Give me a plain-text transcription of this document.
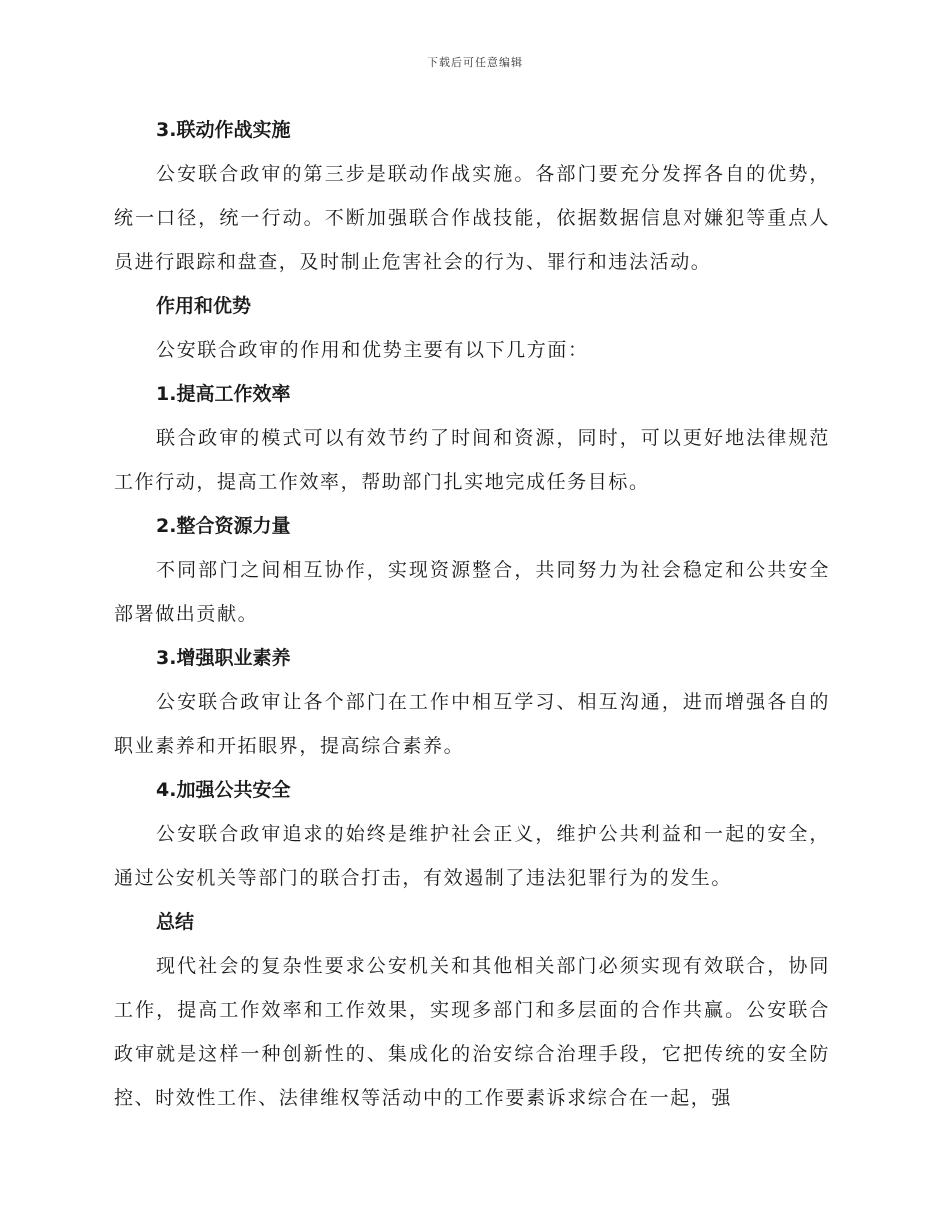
下载后可任意编辑

3.联动作战实施

公安联合政审的第三步是联动作战实施。各部门要充分发挥各自的优势，统一口径，统一行动。不断加强联合作战技能，依据数据信息对嫌犯等重点人员进行跟踪和盘查，及时制止危害社会的行为、罪行和违法活动。

作用和优势

公安联合政审的作用和优势主要有以下几方面：

1.提高工作效率

联合政审的模式可以有效节约了时间和资源，同时，可以更好地法律规范工作行动，提高工作效率，帮助部门扎实地完成任务目标。

2.整合资源力量

不同部门之间相互协作，实现资源整合，共同努力为社会稳定和公共安全部署做出贡献。

3.增强职业素养

公安联合政审让各个部门在工作中相互学习、相互沟通，进而增强各自的职业素养和开拓眼界，提高综合素养。

4.加强公共安全

公安联合政审追求的始终是维护社会正义，维护公共利益和一起的安全，通过公安机关等部门的联合打击，有效遏制了违法犯罪行为的发生。

总结

现代社会的复杂性要求公安机关和其他相关部门必须实现有效联合，协同工作，提高工作效率和工作效果，实现多部门和多层面的合作共赢。公安联合政审就是这样一种创新性的、集成化的治安综合治理手段，它把传统的安全防控、时效性工作、法律维权等活动中的工作要素诉求综合在一起，强
